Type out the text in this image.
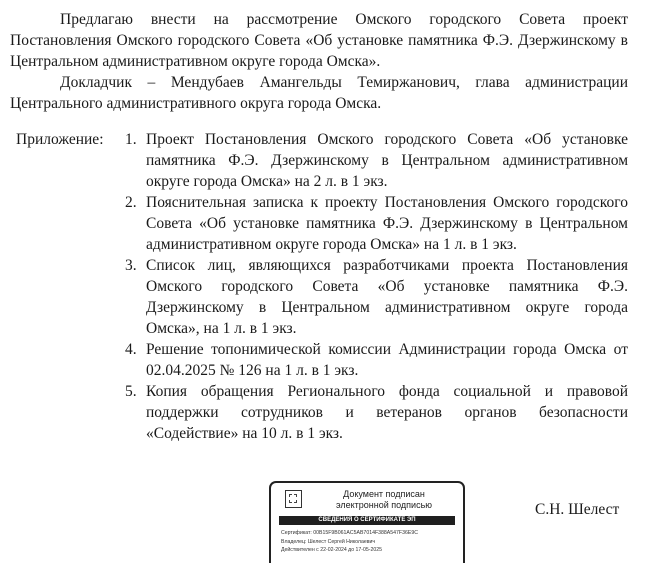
Предлагаю внести на рассмотрение Омского городского Совета проект Постановления Омского городского Совета «Об установке памятника Ф.Э. Дзержинскому в Центральном административном округе города Омска».

Докладчик – Мендубаев Амангельды Темиржанович, глава администрации Центрального административного округа города Омска.

Приложение: 1. Проект Постановления Омского городского Совета «Об установке памятника Ф.Э. Дзержинскому в Центральном административном округе города Омска» на 2 л. в 1 экз.
2. Пояснительная записка к проекту Постановления Омского городского Совета «Об установке памятника Ф.Э. Дзержинскому в Центральном административном округе города Омска» на 1 л. в 1 экз.
3. Список лиц, являющихся разработчиками проекта Постановления Омского городского Совета «Об установке памятника Ф.Э. Дзержинскому в Центральном административном округе города Омска», на 1 л. в 1 экз.
4. Решение топонимической комиссии Администрации города Омска от 02.04.2025 № 126 на 1 л. в 1 экз.
5. Копия обращения Регионального фонда социальной и правовой поддержки сотрудников и ветеранов органов безопасности «Содействие» на 10 л. в 1 экз.
Документ подписан
электронной подписью
СВЕДЕНИЯ О СЕРТИФИКАТЕ ЭП
Сертификат: 00B15F9B061AC5AB7014F388A547F36E9C
Владелец: Шелест Сергей Николаевич
Действителен с 22-02-2024 до 17-05-2025
С.Н. Шелест
